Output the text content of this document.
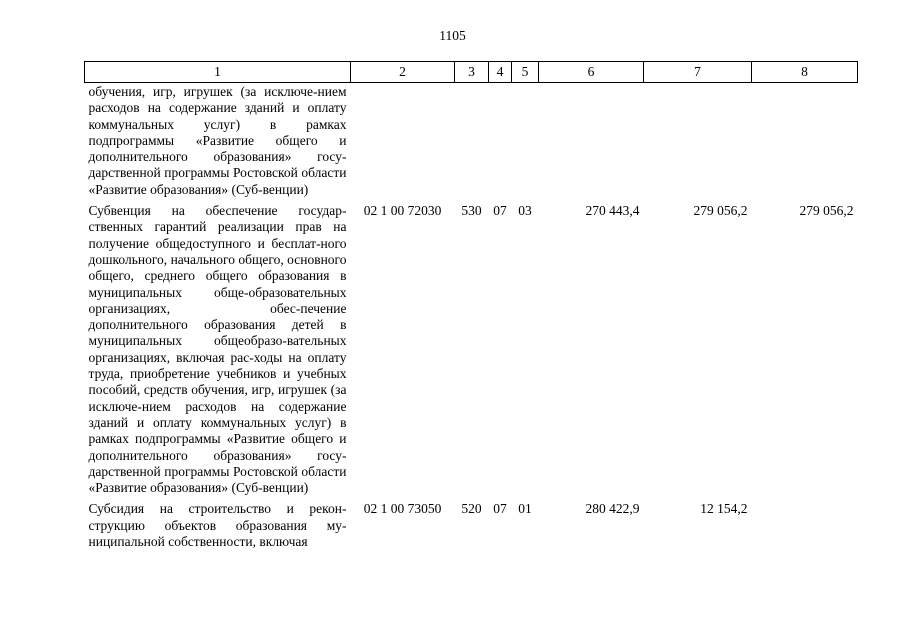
1105
1	2	3	4	5	6	7	8
обучения, игр, игрушек (за исключе-нием расходов на содержание зданий и оплату коммунальных услуг) в рамках подпрограммы «Развитие общего и дополнительного образования» госу-дарственной программы Ростовской области «Развитие образования» (Суб-венции)							
Субвенция на обеспечение государ-ственных гарантий реализации прав на получение общедоступного и бесплат-ного дошкольного, начального общего, основного общего, среднего общего образования в муниципальных обще-образовательных организациях, обес-печение дополнительного образования детей в муниципальных общеобразо-вательных организациях, включая рас-ходы на оплату труда, приобретение учебников и учебных пособий, средств обучения, игр, игрушек (за исключе-нием расходов на содержание зданий и оплату коммунальных услуг) в рамках подпрограммы «Развитие общего и дополнительного образования» госу-дарственной программы Ростовской области «Развитие образования» (Суб-венции)	02 1 00 72030	530	07	03	270 443,4	279 056,2	279 056,2
Субсидия на строительство и рекон-струкцию объектов образования му-ниципальной собственности, включая	02 1 00 73050	520	07	01	280 422,9	12 154,2	
